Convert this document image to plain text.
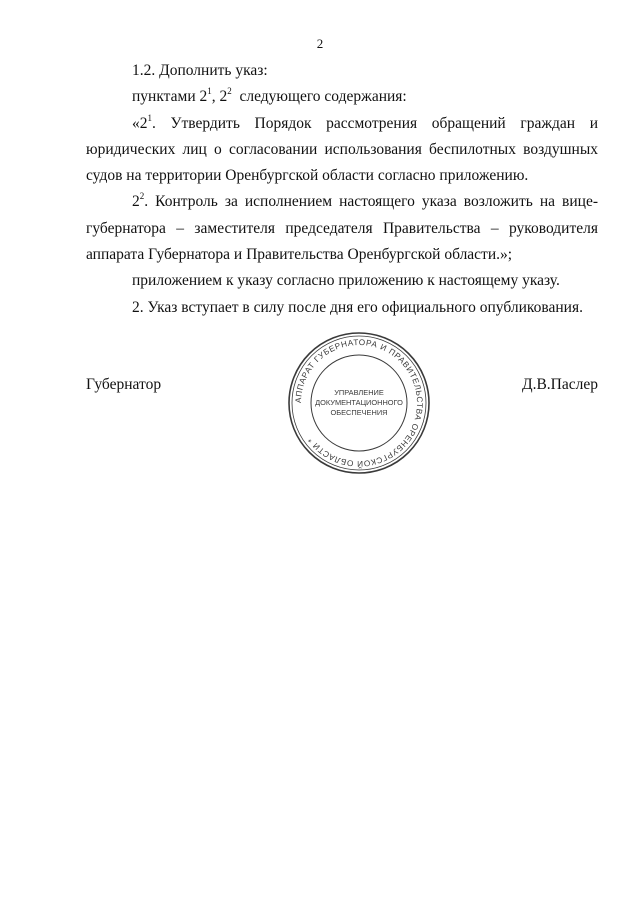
2

1.2. Дополнить указ:

пунктами $2^1$, $2^2$  следующего содержания:

«$2^1$. Утвердить Порядок рассмотрения обращений граждан и юридических лиц о согласовании использования беспилотных воздушных судов на территории Оренбургской области согласно приложению.

$2^2$. Контроль за исполнением настоящего указа возложить на вице-губернатора – заместителя председателя Правительства – руководителя аппарата Губернатора и Правительства Оренбургской области.»;

приложением к указу согласно приложению к настоящему указу.

2. Указ вступает в силу после дня его официального опубликования.

Губернатор
АППАРАТ ГУБЕРНАТОРА И ПРАВИТЕЛЬСТВА ОРЕНБУРГСКОЙ ОБЛАСТИ *
УПРАВЛЕНИЕ
ДОКУМЕНТАЦИОННОГО
ОБЕСПЕЧЕНИЯ
Д.В.Паслер
